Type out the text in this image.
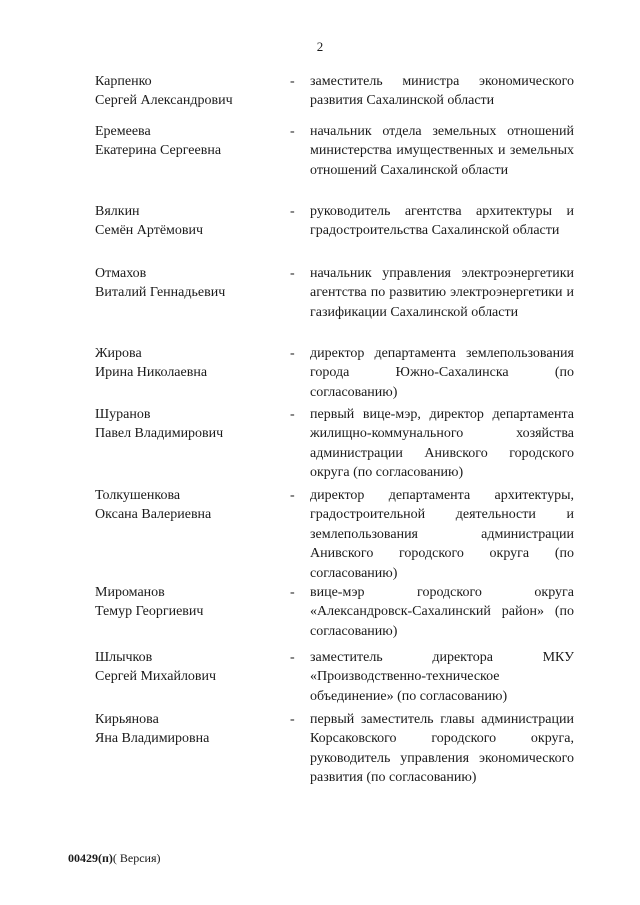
2
Карпенко
Сергей Александрович
-	заместитель министра экономического развития Сахалинской области
Еремеева
Екатерина Сергеевна
-	начальник отдела земельных отношений министерства имущественных и земельных отношений Сахалинской области
Вялкин
Семён Артёмович
-	руководитель агентства архитектуры и градостроительства Сахалинской области
Отмахов
Виталий Геннадьевич
-	начальник управления электроэнергетики агентства по развитию электроэнергетики и газификации Сахалинской области
Жирова
Ирина Николаевна
-	директор департамента землепользования города Южно-Сахалинска (по согласованию)
Шуранов
Павел Владимирович
-	первый вице-мэр, директор департамента жилищно-коммунального хозяйства администрации Анивского городского округа (по согласованию)
Толкушенкова
Оксана Валериевна
-	директор департамента архитектуры, градостроительной деятельности и землепользования администрации Анивского городского округа (по согласованию)
Мироманов
Темур Георгиевич
-	вице-мэр городского округа «Александровск-Сахалинский район» (по согласованию)
Шлычков
Сергей Михайлович
-	заместитель директора МКУ «Производственно-техническое объединение» (по согласованию)
Кирьянова
Яна Владимировна
-	первый заместитель главы администрации Корсаковского городского округа, руководитель управления экономического развития (по согласованию)
00429(п)( Версия)
